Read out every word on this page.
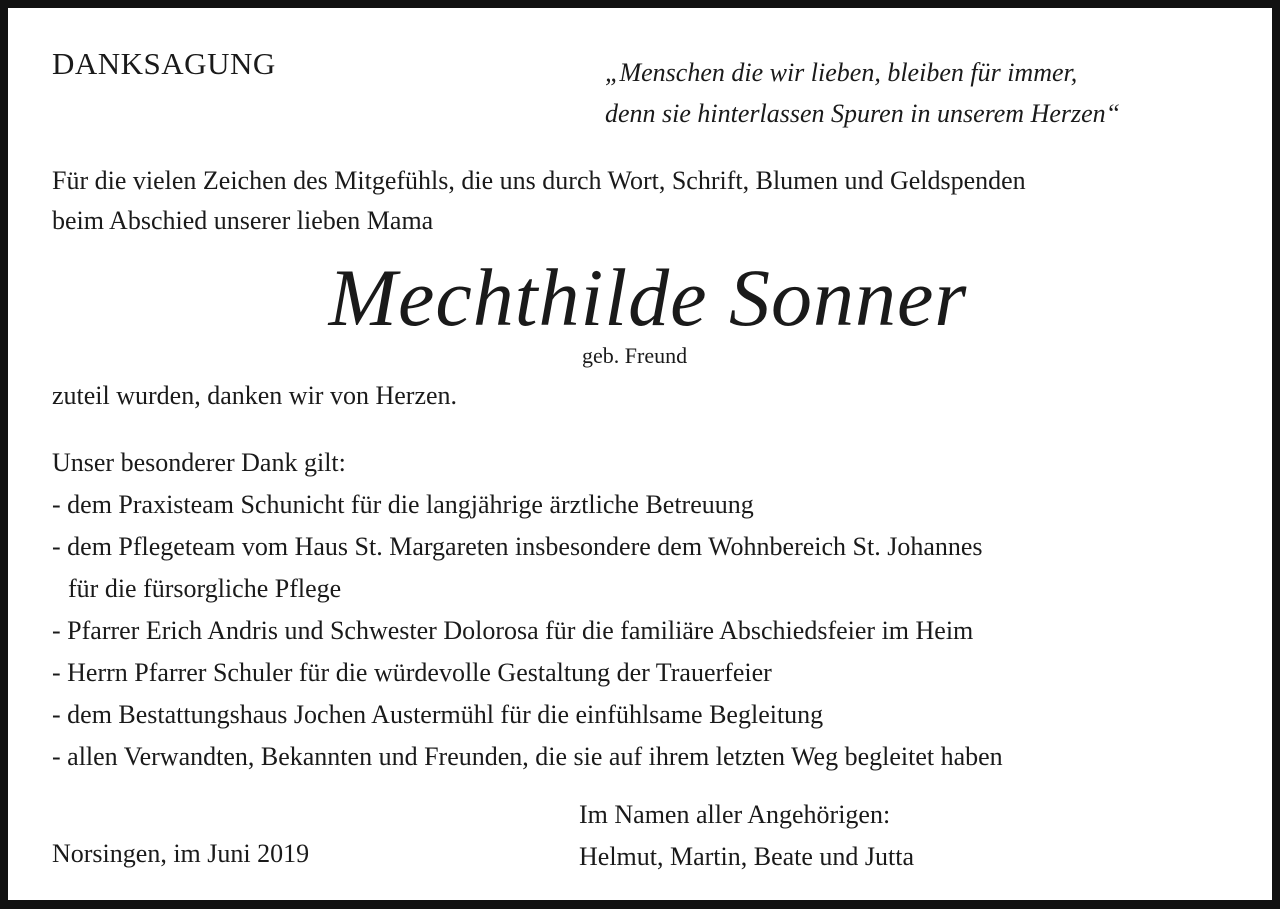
DANKSAGUNG	„Menschen die wir lieben, bleiben für immer,
denn sie hinterlassen Spuren in unserem Herzen“
Für die vielen Zeichen des Mitgefühls, die uns durch Wort, Schrift, Blumen und Geldspenden
beim Abschied unserer lieben Mama
Mechthilde Sonner
geb. Freund
zuteil wurden, danken wir von Herzen.
Unser besonderer Dank gilt:
- dem Praxisteam Schunicht für die langjährige ärztliche Betreuung
- dem Pflegeteam vom Haus St. Margareten insbesondere dem Wohnbereich St. Johannes
für die fürsorgliche Pflege
- Pfarrer Erich Andris und Schwester Dolorosa für die familiäre Abschiedsfeier im Heim
- Herrn Pfarrer Schuler für die würdevolle Gestaltung der Trauerfeier
- dem Bestattungshaus Jochen Austermühl für die einfühlsame Begleitung
- allen Verwandten, Bekannten und Freunden, die sie auf ihrem letzten Weg begleitet haben
Im Namen aller Angehörigen:
Helmut, Martin, Beate und Jutta
Norsingen, im Juni 2019
